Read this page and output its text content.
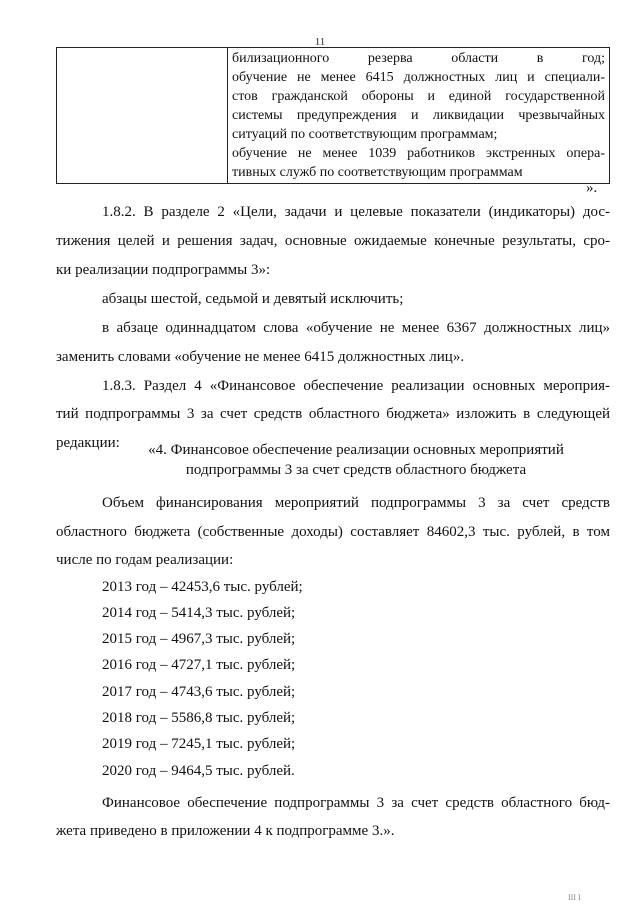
11

билизационного резерва области в год;
обучение не менее 6415 должностных лиц и специали-
стов гражданской обороны и единой государственной
системы предупреждения и ликвидации чрезвычайных
ситуаций по соответствующим программам;
обучение не менее 1039 работников экстренных опера-
тивных служб по соответствующим программам
».
1.8.2. В разделе 2 «Цели, задачи и целевые показатели (индикаторы) дос-
тижения целей и решения задач, основные ожидаемые конечные результаты, сро-
ки реализации подпрограммы 3»:
абзацы шестой, седьмой и девятый исключить;
в абзаце одиннадцатом слова «обучение не менее 6367 должностных лиц»
заменить словами «обучение не менее 6415 должностных лиц».
1.8.3. Раздел 4 «Финансовое обеспечение реализации основных мероприя-
тий подпрограммы 3 за счет средств областного бюджета» изложить в следующей
редакции:	«4. Финансовое обеспечение реализации основных мероприятий
подпрограммы 3 за счет средств областного бюджета
Объем финансирования мероприятий подпрограммы 3 за счет средств
областного бюджета (собственные доходы) составляет 84602,3 тыс. рублей, в том
числе по годам реализации:
2013 год – 42453,6 тыс. рублей;
2014 год – 5414,3 тыс. рублей;
2015 год – 4967,3 тыс. рублей;
2016 год – 4727,1 тыс. рублей;
2017 год – 4743,6 тыс. рублей;
2018 год – 5586,8 тыс. рублей;
2019 год – 7245,1 тыс. рублей;
2020 год – 9464,5 тыс. рублей.
Финансовое обеспечение подпрограммы 3 за счет средств областного бюд-
жета приведено в приложении 4 к подпрограмме 3.».
III I
